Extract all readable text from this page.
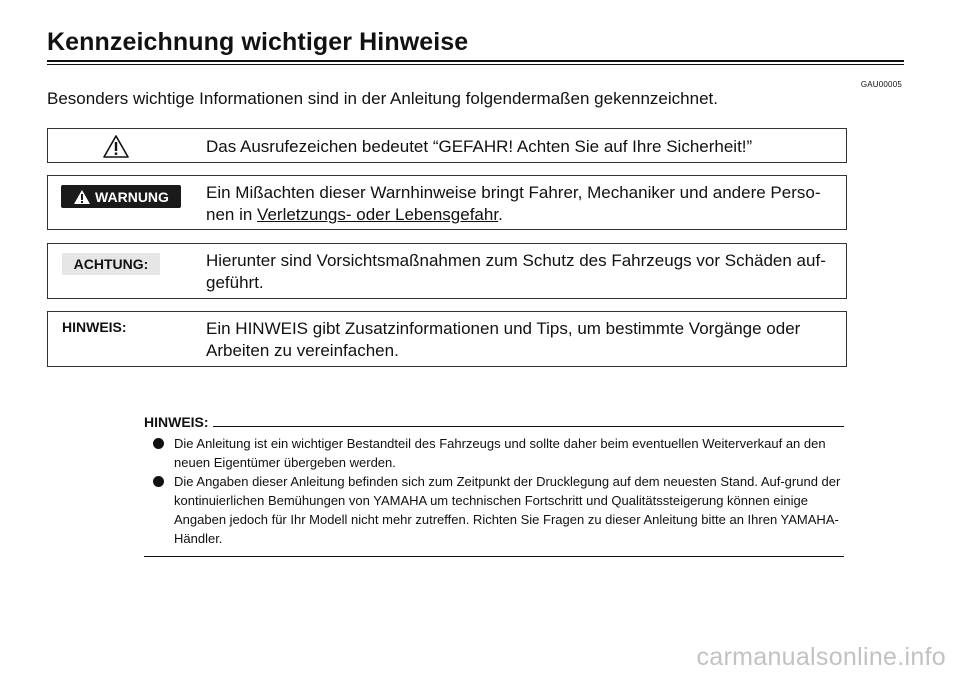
Kennzeichnung wichtiger Hinweise
GAU00005
Besonders wichtige Informationen sind in der Anleitung folgendermaßen gekennzeichnet.
Das Ausrufezeichen bedeutet “GEFAHR! Achten Sie auf Ihre Sicherheit!”
WARNUNG Ein Mißachten dieser Warnhinweise bringt Fahrer, Mechaniker und andere Perso-nen in Verletzungs- oder Lebensgefahr.
ACHTUNG:	Hierunter sind Vorsichtsmaßnahmen zum Schutz des Fahrzeugs vor Schäden auf-geführt.
HINWEIS:	Ein HINWEIS gibt Zusatzinformationen und Tips, um bestimmte Vorgänge oder Arbeiten zu vereinfachen.
HINWEIS:
Die Anleitung ist ein wichtiger Bestandteil des Fahrzeugs und sollte daher beim eventuellen Weiterverkauf an den neuen Eigentümer übergeben werden.
Die Angaben dieser Anleitung befinden sich zum Zeitpunkt der Drucklegung auf dem neuesten Stand. Auf-grund der kontinuierlichen Bemühungen von YAMAHA um technischen Fortschritt und Qualitätssteigerung können einige Angaben jedoch für Ihr Modell nicht mehr zutreffen. Richten Sie Fragen zu dieser Anleitung bitte an Ihren YAMAHA-Händler.
carmanualsonline.info
